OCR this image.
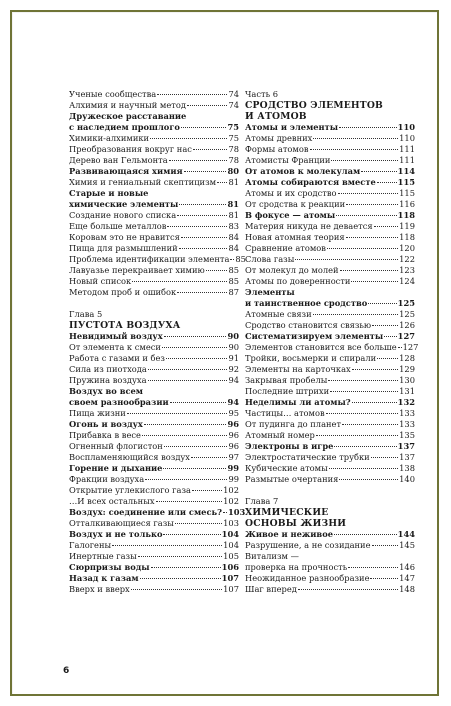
Ученые сообщества	74
Алхимия и научный метод	74
Дружеское расставание
с наследием прошлого	75
Химики-алхимики	75
Преобразования вокруг нас	78
Дерево ван Гельмонта	78
Развивающаяся химия	80
Химия и гениальный скептицизм 81
Старые и новые
химические элементы	81
Создание нового списка	81
Еще больше металлов	83
Коровам это не нравится	84
Пища для размышлений	84
Проблема идентификации элемента 85
Лавуазье перекраивает химию	85
Новый список	85
Методом проб и ошибок	87
Глава 5
ПУСТОТА ВОЗДУХА
Невидимый воздух	90
От элемента к смеси	90
Работа с газами и без	91
Сила из пиотхода	92
Пружина воздуха	94
Воздух во всем
своем разнообразии	94
Пища жизни	95
Огонь и воздух	96
Прибавка в весе	96
Огненный флогистон	96
Воспламеняющийся воздух	97
Горение и дыхание	99
Фракции воздуха	99
Открытие углекислого газа	102
…И всех остальных	102
Воздух: соединение или смесь? 103
Отталкивающиеся газы	103
Воздух и не только	104
Галогены	104
Инертные газы	105
Сюрпризы воды	106
Назад к газам	107
Вверх и вверх	107
Часть 6
СРОДСТВО ЭЛЕМЕНТОВ
И АТОМОВ
Атомы и элементы	110
Атомы древних	110
Формы атомов	111
Атомисты Франции	111
От атомов к молекулам	114
Атомы собираются вместе	115
Атомы и их сродство	115
От сродства к реакции	116
В фокусе — атомы	118
Материя никуда не девается	119
Новая атомная теория	118
Сравнение атомов	120
Слова газы	122
От молекул до молей	123
Атомы по доверенности	124
Элементы
и таинственное сродство	125
Атомные связи	125
Сродство становится связью	126
Систематизируем элементы 127
Элементов становится все больше 127
Тройки, восьмерки и спирали	128
Элементы на карточках	129
Закрывая пробелы	130
Последние штрихи	131
Неделимы ли атомы?	132
Частицы… атомов	133
От пудинга до планет	133
Атомный номер	135
Электроны в игре	137
Электростатические трубки	137
Кубические атомы	138
Размытые очертания	140
Глава 7
ХИМИЧЕСКИЕ
ОСНОВЫ ЖИЗНИ
Живое и неживое	144
Разрушение, а не созидание	145
Витализм —
проверка на прочность	146
Неожиданное разнообразие	147
Шаг вперед	148
6
